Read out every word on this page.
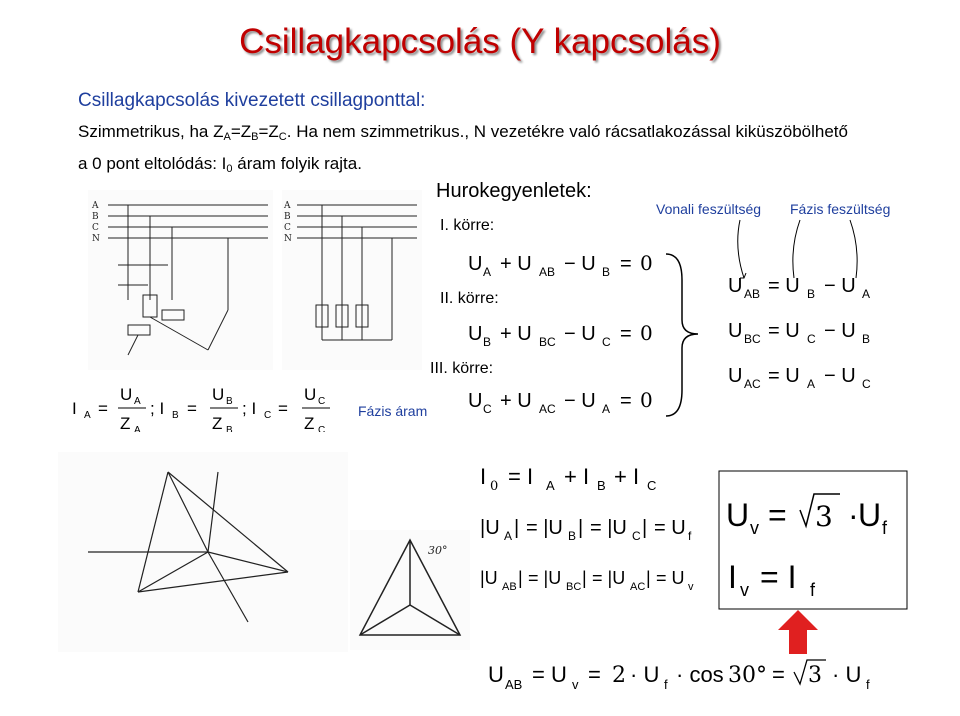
Csillagkapcsolás (Y kapcsolás)
Csillagkapcsolás kivezetett csillagponttal:
Szimmetrikus, ha ZA=ZB=ZC. Ha nem szimmetrikus., N vezetékre való rácsatlakozással kiküszöbölhető
a 0 pont eltolódás: I0 áram folyik rajta.
A
B
C
N
A
B
C
N
I A =
U A
Z A
; I B =
U B
Z B
; I C =
U C
Z C
Fázis áram
Hurokegyenletek:
I. körre:
II. körre:
III. körre:
U A + U AB − U B = 0
U B + U BC − U C = 0
U C + U AC − U A = 0
Vonali feszültség Fázis feszültség
U AB = U B − U A
U BC = U C − U B
U AC = U A − U C
30°
I 0 = I A + I B + I C
|U A | = |U B | = |U C | = U f
|U AB | = |U BC | = |U AC | = U v
U v = 3 · U f
I v = I f
U AB = U v = 2 · U f · cos 30° = 3 · U f
